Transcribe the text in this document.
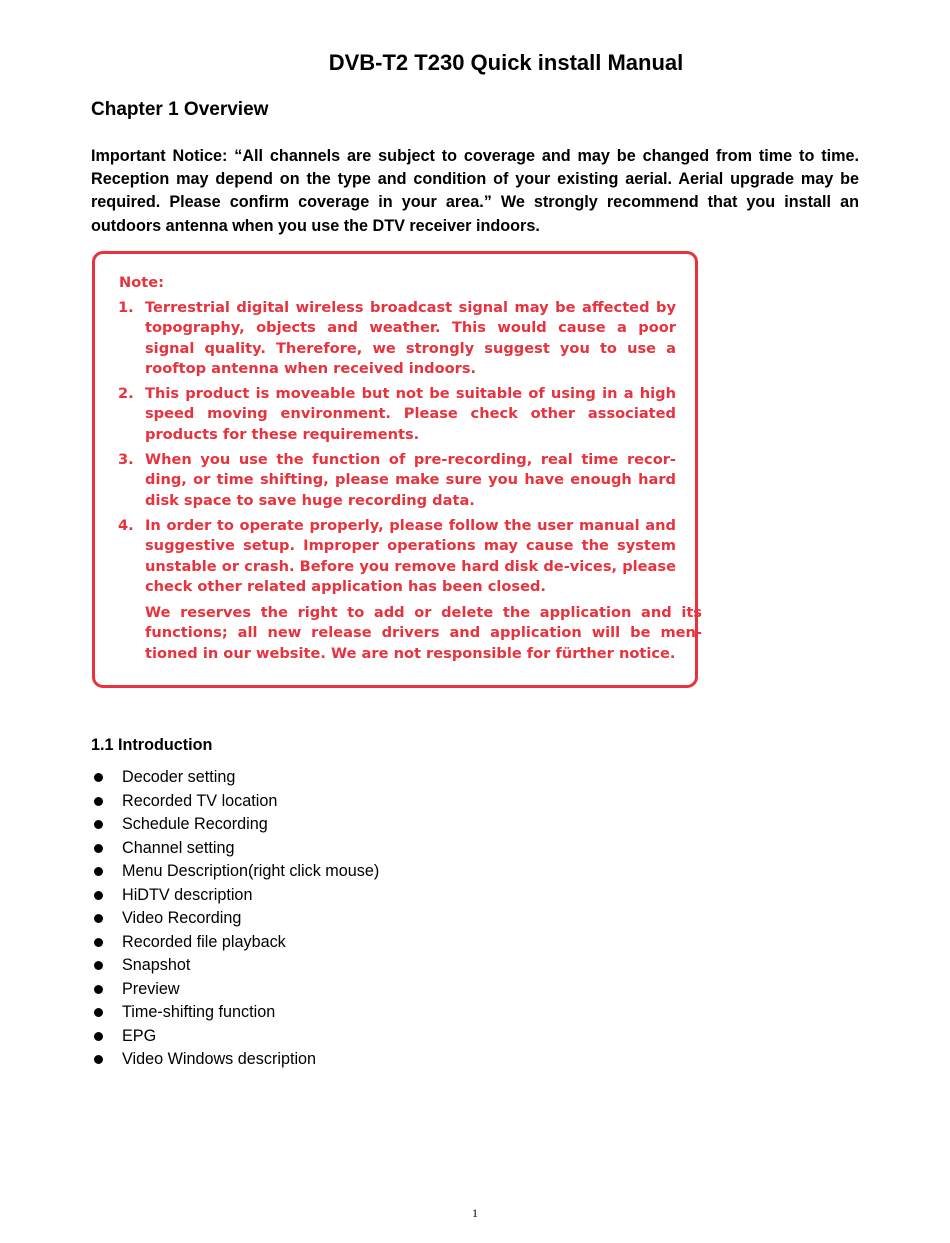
DVB-T2 T230 Quick install Manual
Chapter 1 Overview

Important Notice: “All channels are subject to coverage and may be changed from time to time. Reception may depend on the type and condition of your existing aerial. Aerial upgrade may be required. Please confirm coverage in your area.” We strongly recommend that you install an outdoors antenna when you use the DTV receiver indoors.

Note:
1. Terrestrial digital wireless broadcast signal may be affected by topography, objects and weather. This would cause a poor signal quality. Therefore, we strongly suggest you to use a rooftop antenna when received indoors.
2. This product is moveable but not be suitable of using in a high speed moving environment. Please check other associated products for these requirements.
3. When you use the function of pre-recording, real time recor-ding, or time shifting, please make sure you have enough hard disk space to save huge recording data.
4. In order to operate properly, please follow the user manual and suggestive setup. Improper operations may cause the system unstable or crash. Before you remove hard disk de-vices, please check other related application has been closed.
We reserves the right to add or delete the application and its functions; all new release drivers and application will be men-tioned in our website. We are not responsible for fürther notice.
1.1 Introduction
Decoder setting
Recorded TV location
Schedule Recording
Channel setting
Menu Description(right click mouse)
HiDTV description
Video Recording
Recorded file playback
Snapshot
Preview
Time-shifting function
EPG
Video Windows description
1
